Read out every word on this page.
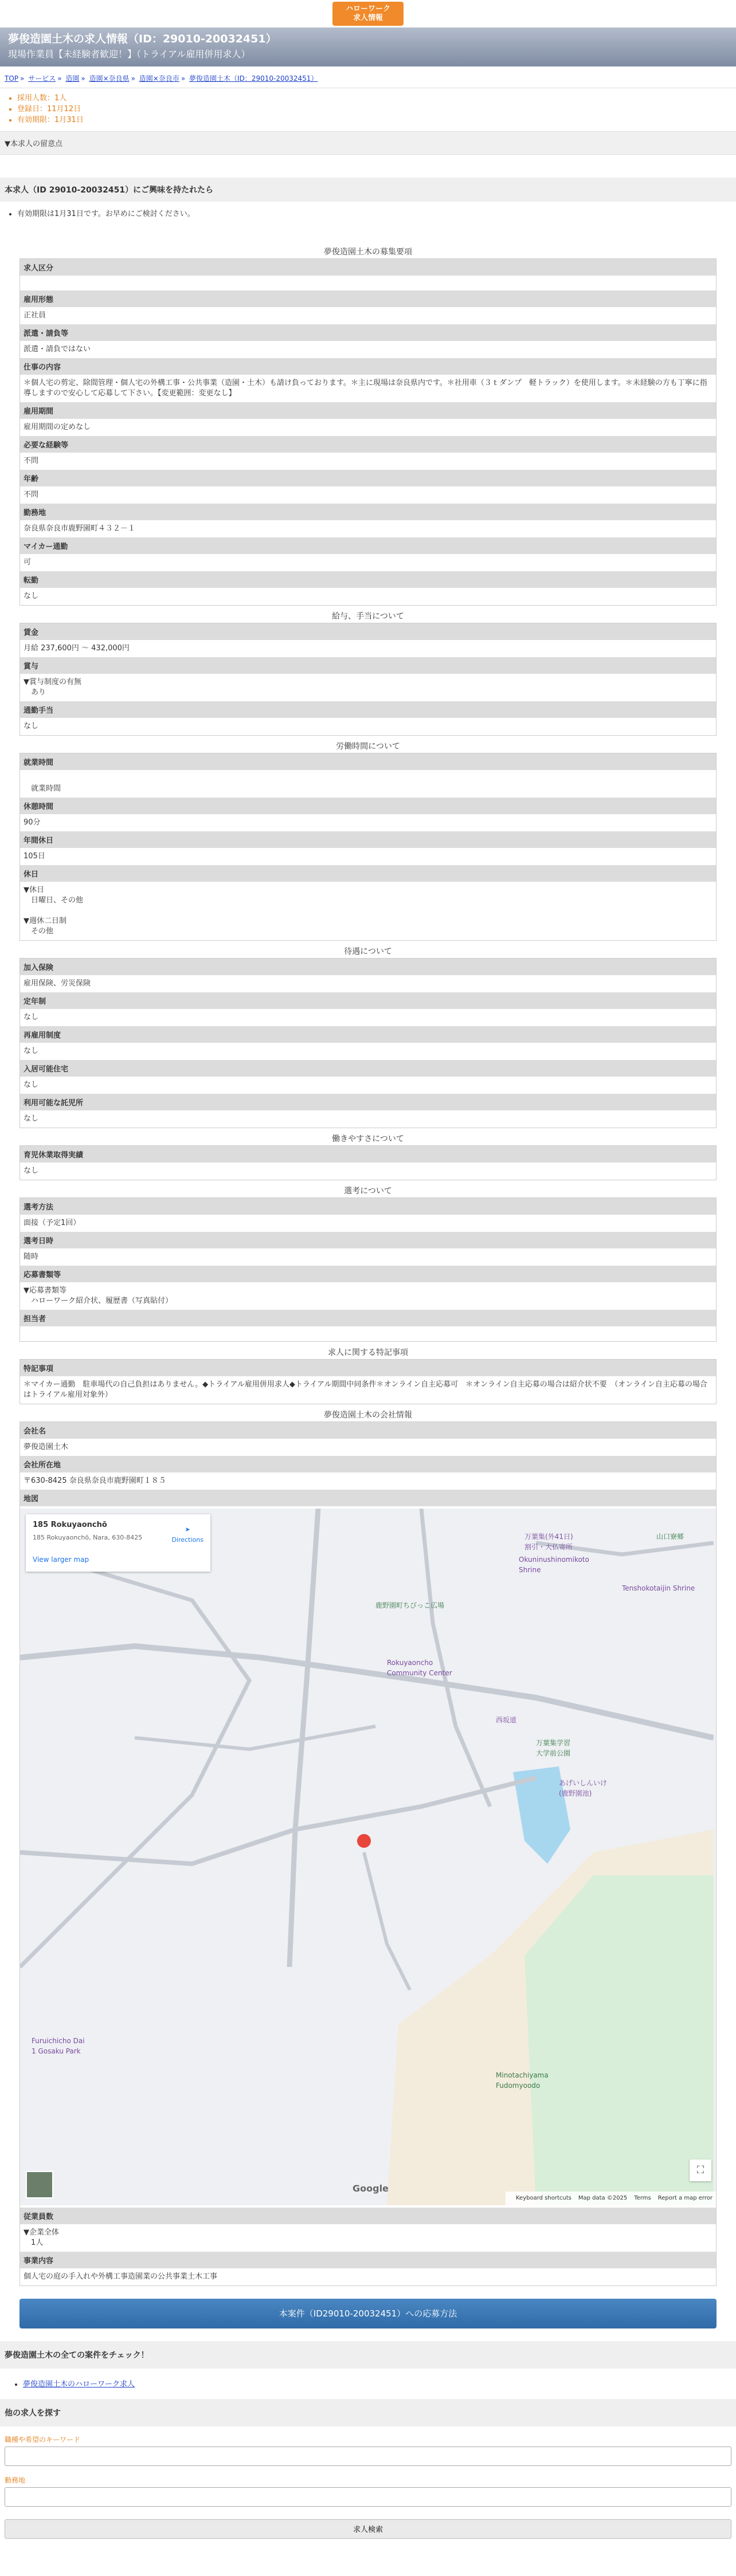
ハローワーク
求人情報
夢俊造園土木の求人情報（ID：29010-20032451）
現場作業員【未経験者歓迎！】（トライアル雇用併用求人）
TOP » サービス » 造園 » 造園×奈良県 » 造園×奈良市 » 夢俊造園土木（ID：29010-20032451）
• 採用人数：1人
• 登録日：11月12日
• 有効期限：1月31日
▼本求人の留意点
本求人（ID 29010-20032451）にご興味を持たれたら
• 有効期限は1月31日です。お早めにご検討ください。
夢俊造園土木の募集要項
求人区分

雇用形態
正社員
派遣・請負等
派遣・請負ではない
仕事の内容
＊個人宅の剪定、除間管理・個人宅の外構工事・公共事業（造園・土木）も請け負っております。＊主に現場は奈良県内です。＊社用車（３ｔダンプ　軽トラック）を使用します。＊未経験の方も丁寧に指導しますので安心して応募して下さい。【変更範囲：変更なし】
雇用期間
雇用期間の定めなし
必要な経験等
不問
年齢
不問
勤務地
奈良県奈良市鹿野園町４３２－１
マイカー通勤
可
転勤
なし
給与、手当について
賃金
月給 237,600円 〜 432,000円
賞与
▼賞与制度の有無
　あり
通勤手当
なし
労働時間について
就業時間

　就業時間

休憩時間
90分
年間休日
105日
休日
▼休日
　日曜日、その他

▼週休二日制
　その他
待遇について
加入保険
雇用保険、労災保険
定年制
なし
再雇用制度
なし
入居可能住宅
なし
利用可能な託児所
なし
働きやすさについて
育児休業取得実績
なし
選考について
選考方法
面接（予定1回）
選考日時
随時
応募書類等
▼応募書類等
　ハローワーク紹介状、履歴書（写真貼付）
担当者

求人に関する特記事項
特記事項
＊マイカー通勤　駐車場代の自己負担はありません。◆トライアル雇用併用求人◆トライアル期間中同条件＊オンライン自主応募可　＊オンライン自主応募の場合は紹介状不要　（オンライン自主応募の場合はトライアル雇用対象外）
夢俊造園土木の会社情報
会社名
夢俊造園土木
会社所在地
〒630-8425 奈良県奈良市鹿野園町１８５
地図

185 Rokuyaonchō
185 Rokuyaonchō, Nara, 630-8425
➤
Directions
View larger map
万葉集(外41日)
割引・大仏寄所
山口寮郷
Okuninushinomikoto
Shrine
Tenshokotaijin Shrine
鹿野園町ちびっこ広場
Rokuyaoncho
Community Center
西坂道
万葉集学習
大学前公園
あげいしんいけ
(鹿野園池)
Furuichicho Dai
1 Gosaku Park
Minotachiyama
Fudomyoodo
Google
⛶
Keyboard shortcuts Map data ©2025 Terms Report a map error

従業員数
▼企業全体
　1人
事業内容
個人宅の庭の手入れや外構工事造園業の公共事業土木工事
本案件（ID29010-20032451）への応募方法
夢俊造園土木の全ての案件をチェック！
• 夢俊造園土木のハローワーク求人
他の求人を探す
職種や希望のキーワード
勤務地
求人検索
